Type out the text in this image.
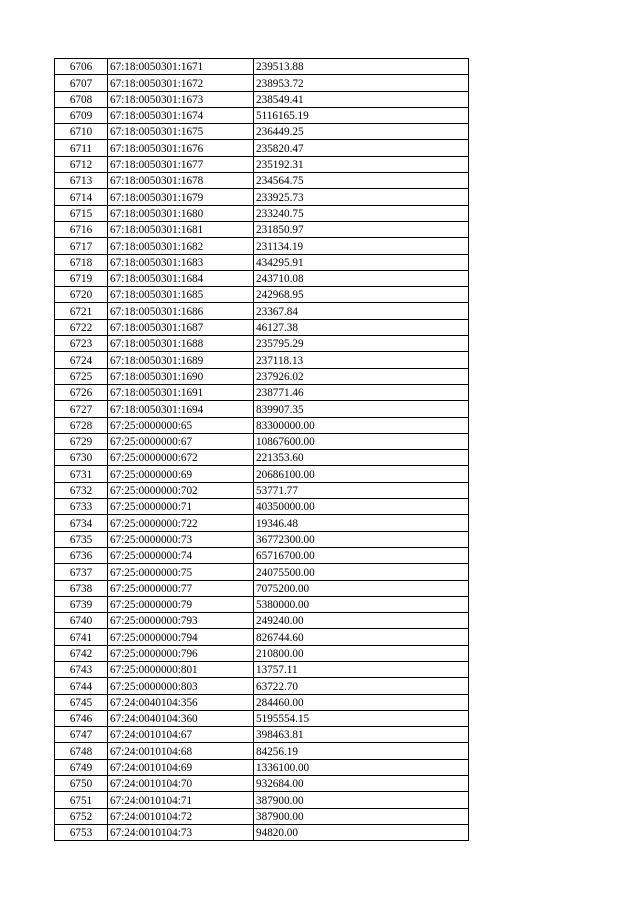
6706	67:18:0050301:1671	239513.88
6707	67:18:0050301:1672	238953.72
6708	67:18:0050301:1673	238549.41
6709	67:18:0050301:1674	5116165.19
6710	67:18:0050301:1675	236449.25
6711	67:18:0050301:1676	235820.47
6712	67:18:0050301:1677	235192.31
6713	67:18:0050301:1678	234564.75
6714	67:18:0050301:1679	233925.73
6715	67:18:0050301:1680	233240.75
6716	67:18:0050301:1681	231850.97
6717	67:18:0050301:1682	231134.19
6718	67:18:0050301:1683	434295.91
6719	67:18:0050301:1684	243710.08
6720	67:18:0050301:1685	242968.95
6721	67:18:0050301:1686	23367.84
6722	67:18:0050301:1687	46127.38
6723	67:18:0050301:1688	235795.29
6724	67:18:0050301:1689	237118.13
6725	67:18:0050301:1690	237926.02
6726	67:18:0050301:1691	238771.46
6727	67:18:0050301:1694	839907.35
6728	67:25:0000000:65	83300000.00
6729	67:25:0000000:67	10867600.00
6730	67:25:0000000:672	221353.60
6731	67:25:0000000:69	20686100.00
6732	67:25:0000000:702	53771.77
6733	67:25:0000000:71	40350000.00
6734	67:25:0000000:722	19346.48
6735	67:25:0000000:73	36772300.00
6736	67:25:0000000:74	65716700.00
6737	67:25:0000000:75	24075500.00
6738	67:25:0000000:77	7075200.00
6739	67:25:0000000:79	5380000.00
6740	67:25:0000000:793	249240.00
6741	67:25:0000000:794	826744.60
6742	67:25:0000000:796	210800.00
6743	67:25:0000000:801	13757.11
6744	67:25:0000000:803	63722.70
6745	67:24:0040104:356	284460.00
6746	67:24:0040104:360	5195554.15
6747	67:24:0010104:67	398463.81
6748	67:24:0010104:68	84256.19
6749	67:24:0010104:69	1336100.00
6750	67:24:0010104:70	932684.00
6751	67:24:0010104:71	387900.00
6752	67:24:0010104:72	387900.00
6753	67:24:0010104:73	94820.00
